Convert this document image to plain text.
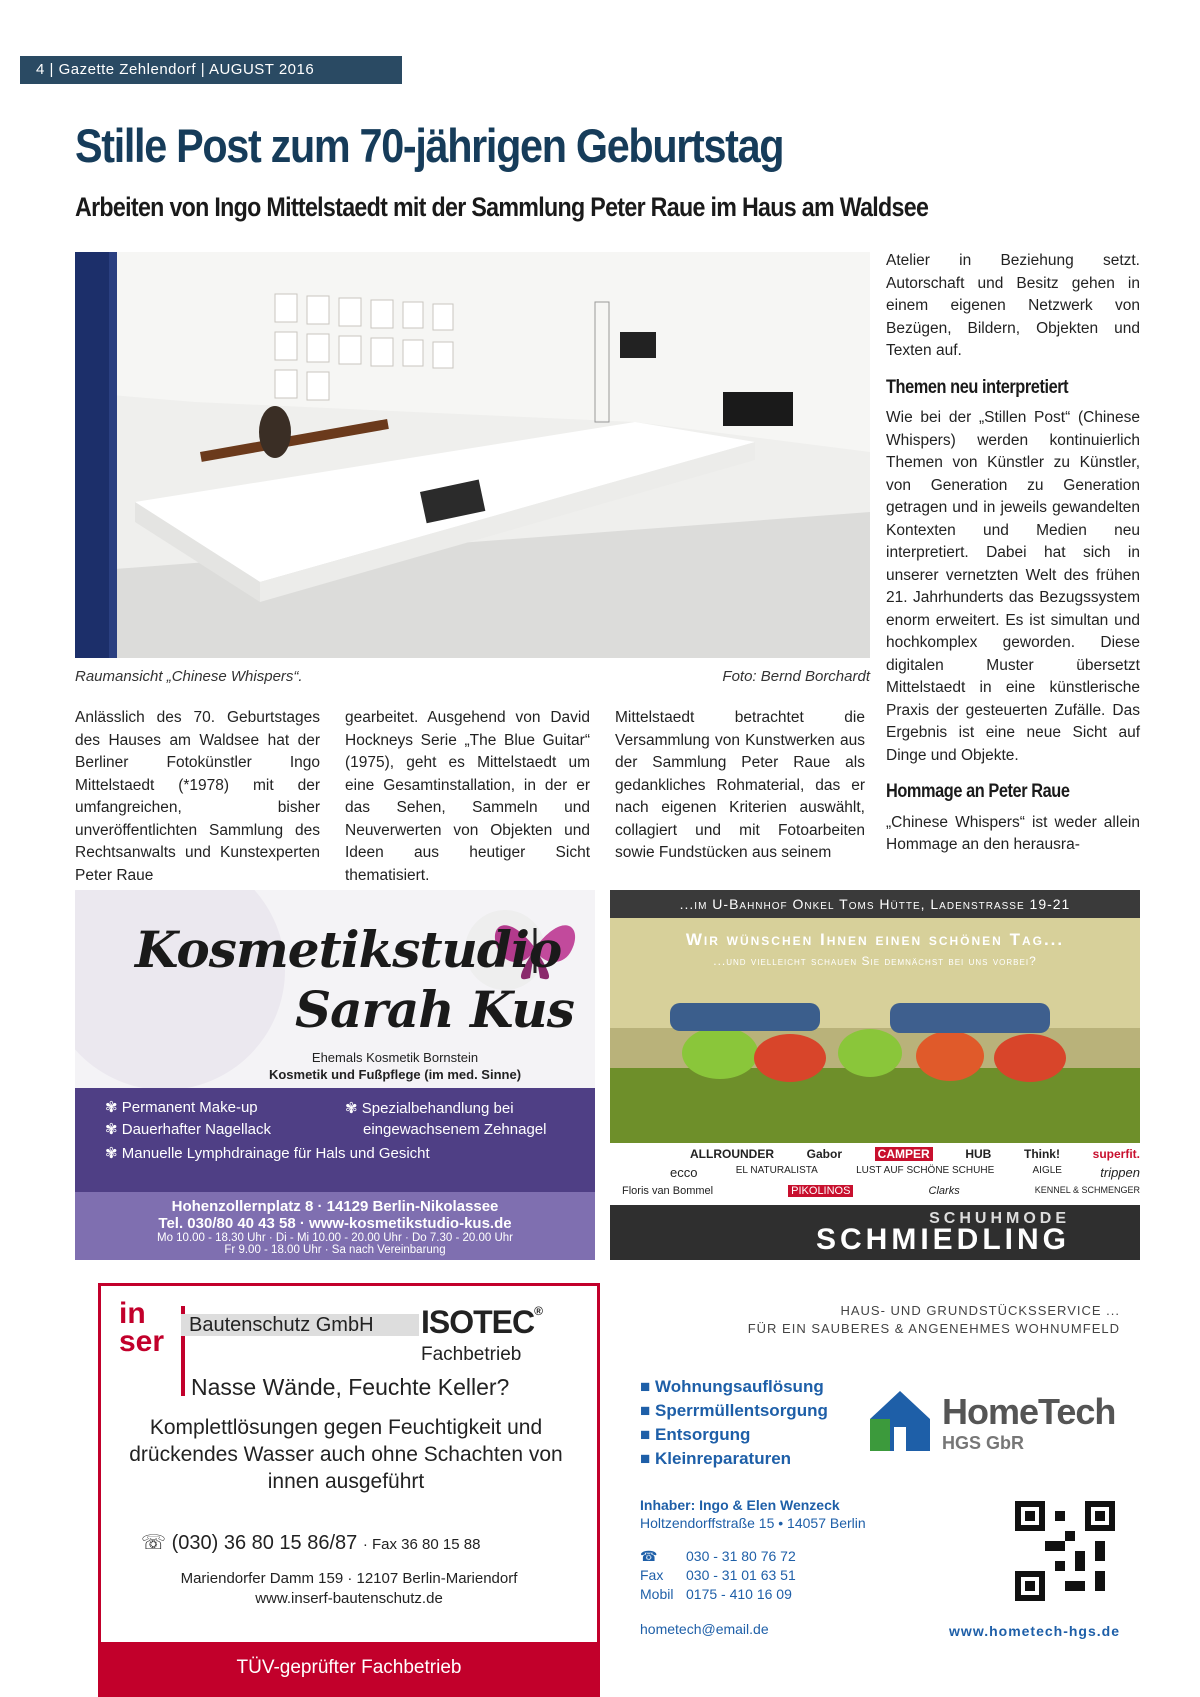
4 | Gazette Zehlendorf | AUGUST 2016
Stille Post zum 70-jährigen Geburtstag
Arbeiten von Ingo Mittelstaedt mit der Sammlung Peter Raue im Haus am Waldsee
Raumansicht „Chinese Whispers“.	Foto: Bernd Borchardt

Anlässlich des 70. Geburtstages des Hauses am Waldsee hat der Berliner Fotokünstler Ingo Mittelstaedt (*1978) mit der umfangreichen, bisher unveröffentlichten Sammlung des Rechtsanwalts und Kunstexperten Peter Raue

gearbeitet. Ausgehend von David Hockneys Serie „The Blue Guitar“ (1975), geht es Mittelstaedt um eine Gesamtinstallation, in der er das Sehen, Sammeln und Neuverwerten von Objekten und Ideen aus heutiger Sicht thematisiert.

Mittelstaedt betrachtet die Versammlung von Kunstwerken aus der Sammlung Peter Raue als gedankliches Rohmaterial, das er nach eigenen Kriterien auswählt, collagiert und mit Fotoarbeiten sowie Fundstücken aus seinem

Atelier in Beziehung setzt. Autorschaft und Besitz gehen in einem eigenen Netzwerk von Bezügen, Bildern, Objekten und Texten auf.

Themen neu interpretiert

Wie bei der „Stillen Post“ (Chinese Whispers) werden kontinuierlich Themen von Künstler zu Künstler, von Generation zu Generation getragen und in jeweils gewandelten Kontexten und Medien neu interpretiert. Dabei hat sich in unserer vernetzten Welt des frühen 21. Jahrhunderts das Bezugssystem enorm erweitert. Es ist simultan und hochkomplex geworden. Diese digitalen Muster übersetzt Mittelstaedt in eine künstlerische Praxis der gesteuerten Zufälle. Das Ergebnis ist eine neue Sicht auf Dinge und Objekte.

Hommage an Peter Raue

„Chinese Whispers“ ist weder allein Hommage an den herausra-

Kosmetikstudio
Sarah Kus
Ehemals Kosmetik Bornstein
Kosmetik und Fußpflege (im med. Sinne)
✾ Permanent Make-up
✾ Dauerhafter Nagellack
✾ Spezialbehandlung bei
eingewachsenem Zehnagel
✾ Manuelle Lymphdrainage für Hals und Gesicht
Hohenzollernplatz 8 · 14129 Berlin-Nikolassee
Tel. 030/80 40 43 58 · www-kosmetikstudio-kus.de
Mo 10.00 - 18.30 Uhr · Di - Mi 10.00 - 20.00 Uhr · Do 7.30 - 20.00 Uhr
Fr 9.00 - 18.00 Uhr · Sa nach Vereinbarung
...im U-Bahnhof Onkel Toms Hütte, Ladenstrasse 19-21
Wir wünschen Ihnen einen schönen Tag...
...und vielleicht schauen Sie demnächst bei uns vorbei?
ALLROUNDER	Gabor	CAMPER	HUB	Think!	superfit.
ecco	EL NATURALISTA	LUST AUF SCHÖNE SCHUHE	AIGLE	trippen
Floris van Bommel	PIKOLINOS	Clarks	KENNEL & SCHMENGER
SCHUHMODE
SCHMIEDLING
in
ser	Bautenschutz GmbH	ISOTEC®
Fachbetrieb
Nasse Wände, Feuchte Keller?
Komplettlösungen gegen Feuchtigkeit und drückendes Wasser auch ohne Schachten von innen ausgeführt
☏ (030) 36 80 15 86/87 · Fax 36 80 15 88
Mariendorfer Damm 159 · 12107 Berlin-Mariendorf
www.inserf-bautenschutz.de
TÜV-geprüfter Fachbetrieb
HAUS- UND GRUNDSTÜCKSSERVICE ...
FÜR EIN SAUBERES & ANGENEHMES WOHNUMFELD
■ Wohnungsauflösung
■ Sperrmüllentsorgung
■ Entsorgung
■ Kleinreparaturen
HomeTech
HGS GbR
Inhaber: Ingo & Elen Wenzeck
Holtzendorffstraße 15 • 14057 Berlin
☎ 030 - 31 80 76 72
Fax 030 - 31 01 63 51
Mobil 0175 - 410 16 09
hometech@email.de	www.hometech-hgs.de
